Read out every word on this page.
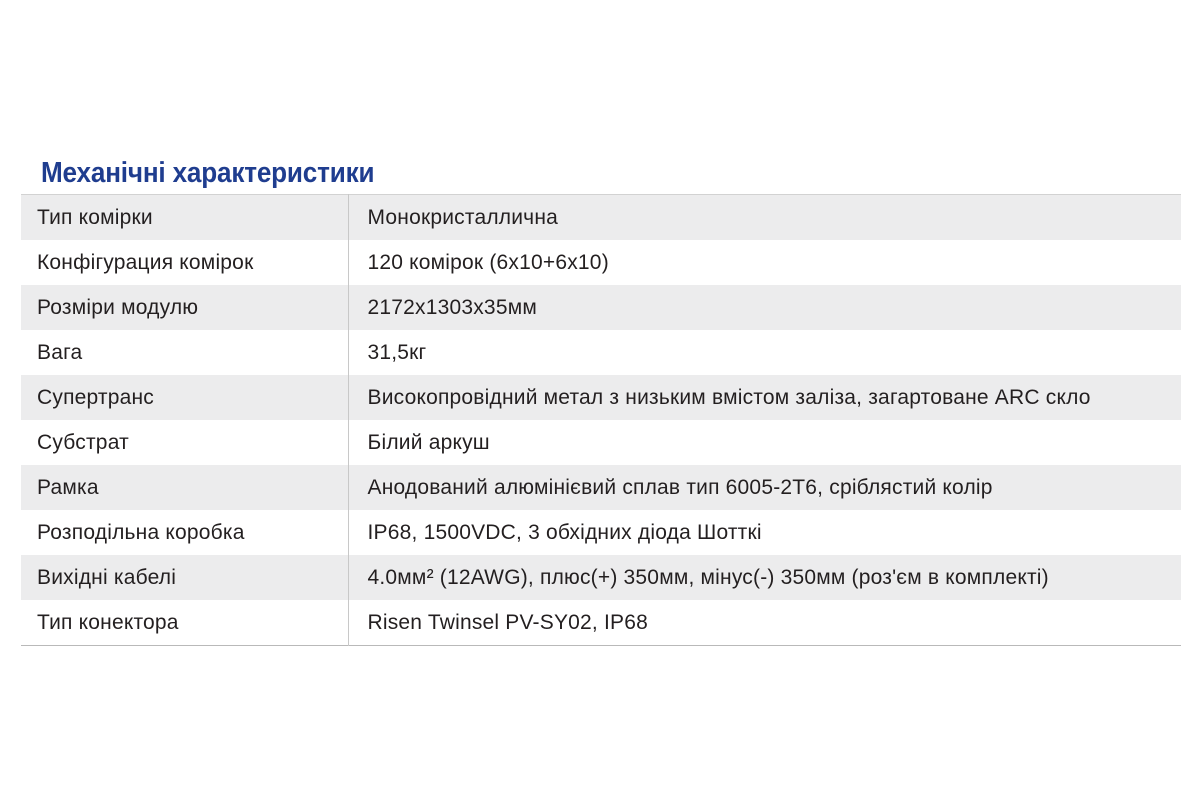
Механічні характеристики
Тип комірки	Монокристаллична
Конфігурация комірок	120 комірок (6x10+6x10)
Розміри модулю	2172x1303x35мм
Вага	31,5кг
Супертранс	Високопровідний метал з низьким вмістом заліза, загартоване ARC скло
Субстрат	Білий аркуш
Рамка	Анодований алюмінієвий сплав тип 6005-2T6, сріблястий колір
Розподільна коробка	IP68, 1500VDC, 3 обхідних діода Шотткі
Вихідні кабелі	4.0мм² (12AWG), плюс(+) 350мм, мінус(-) 350мм (роз'єм в комплекті)
Тип конектора	Risen Twinsel PV-SY02, IP68
